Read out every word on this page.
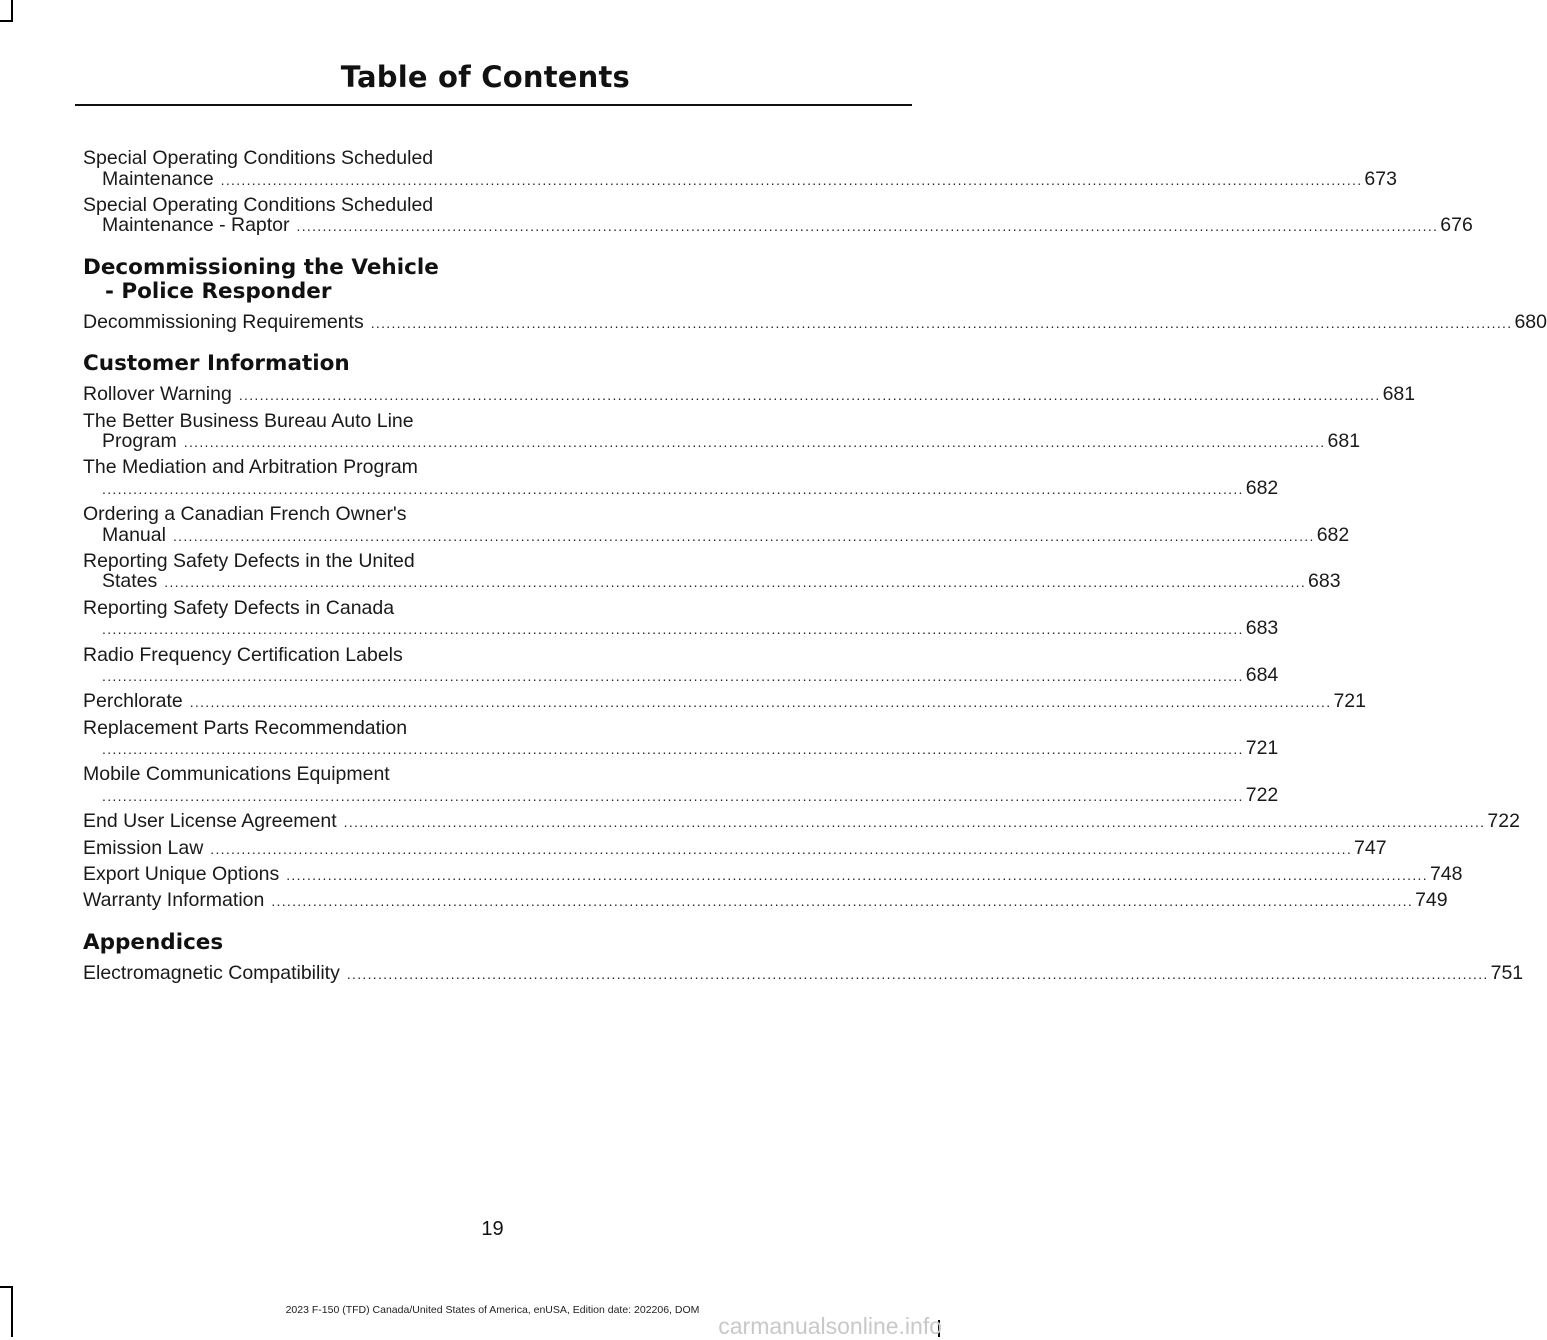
Table of Contents
Special Operating Conditions Scheduled
Maintenance ............................................................................................................................................................................................................................ 673
Special Operating Conditions Scheduled
Maintenance - Raptor ............................................................................................................................................................................................................................ 676
Decommissioning the Vehicle
- Police Responder
Decommissioning Requirements ............................................................................................................................................................................................................................ 680
Customer Information
Rollover Warning ............................................................................................................................................................................................................................ 681
The Better Business Bureau Auto Line
Program ............................................................................................................................................................................................................................ 681
The Mediation and Arbitration Program
............................................................................................................................................................................................................................ 682
Ordering a Canadian French Owner's
Manual ............................................................................................................................................................................................................................ 682
Reporting Safety Defects in the United
States ............................................................................................................................................................................................................................ 683
Reporting Safety Defects in Canada
............................................................................................................................................................................................................................ 683
Radio Frequency Certification Labels
............................................................................................................................................................................................................................ 684
Perchlorate ............................................................................................................................................................................................................................ 721
Replacement Parts Recommendation
............................................................................................................................................................................................................................ 721
Mobile Communications Equipment
............................................................................................................................................................................................................................ 722
End User License Agreement ............................................................................................................................................................................................................................ 722
Emission Law ............................................................................................................................................................................................................................ 747
Export Unique Options ............................................................................................................................................................................................................................ 748
Warranty Information ............................................................................................................................................................................................................................ 749
Appendices
Electromagnetic Compatibility ............................................................................................................................................................................................................................ 751
19
2023 F-150 (TFD) Canada/United States of America, enUSA, Edition date: 202206, DOM
carmanualsonline.info
